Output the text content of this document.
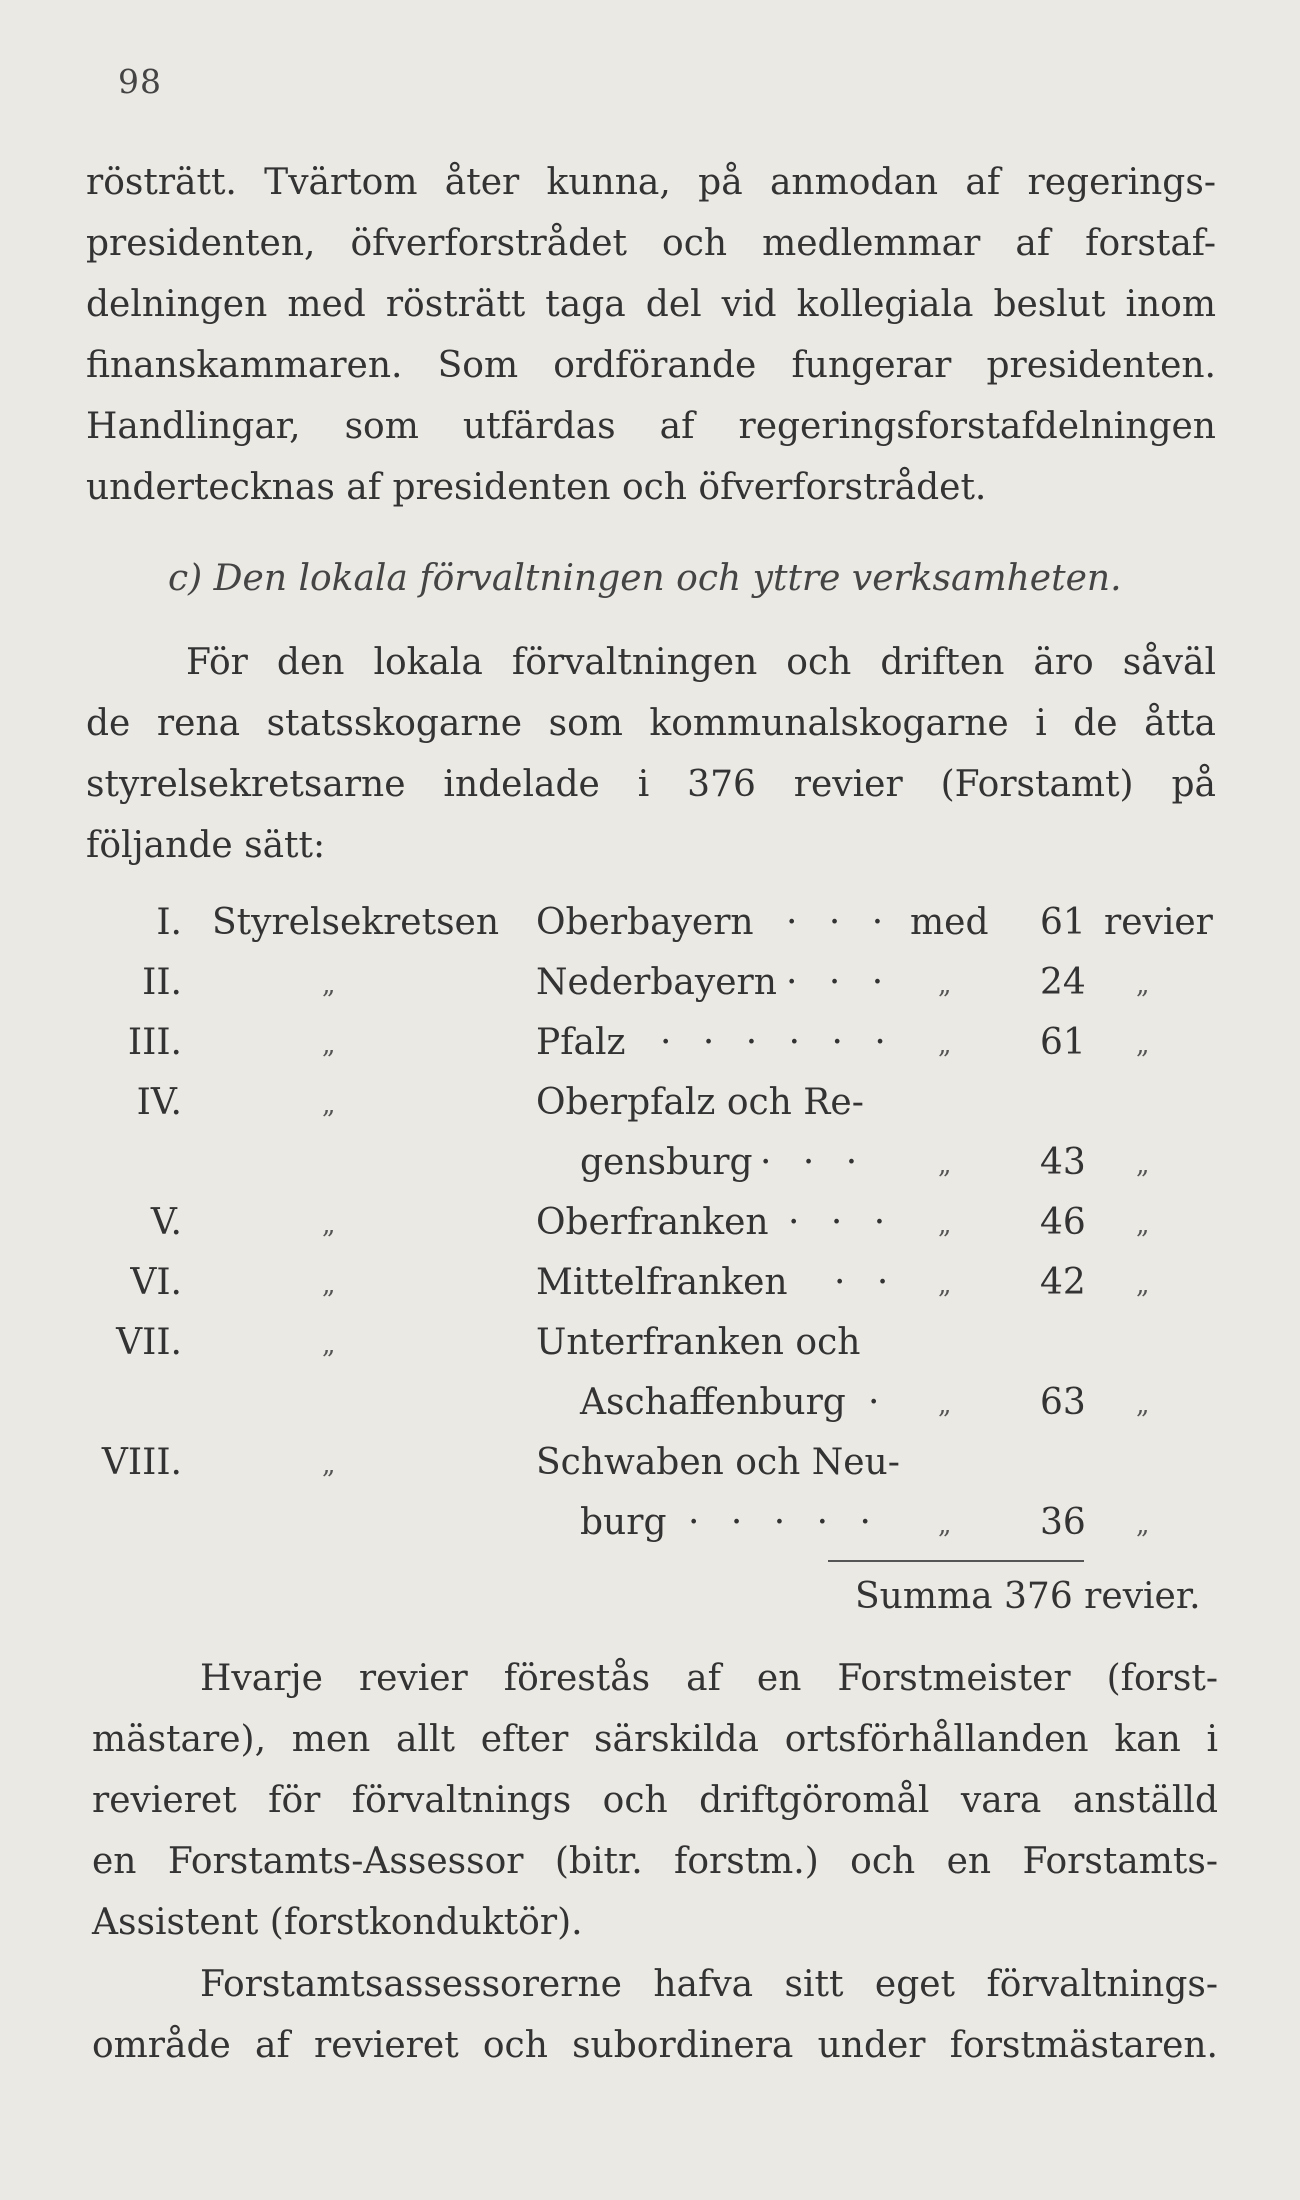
98
rösträtt. Tvärtom åter kunna, på anmodan af regerings-
presidenten, öfverforstrådet och medlemmar af forstaf-
delningen med rösträtt taga del vid kollegiala beslut inom
finanskammaren. Som ordförande fungerar presidenten.
Handlingar, som utfärdas af regeringsforstafdelningen
undertecknas af presidenten och öfverforstrådet.
c) Den lokala förvaltningen och yttre verksamheten.
För den lokala förvaltningen och driften äro såväl
de rena statsskogarne som kommunalskogarne i de åtta
styrelsekretsarne indelade i 376 revier (Forstamt) på
följande sätt:
I. Styrelsekretsen Oberbayern · · · med 61 revier
II.	„	Nederbayern · · · „ 24 „
III.	„	Pfalz · · · · · · „ 61 „
IV.	„	Oberpfalz och Re-
gensburg · · ·	„ 43 „
V.	„	Oberfranken · · · „ 46 „
VI.	„	Mittelfranken · · „ 42 „
VII.	„	Unterfranken och
Aschaffenburg · „ 63 „
VIII.	„	Schwaben och Neu-
burg · · · · · „ 36 „
Summa 376 revier.
Hvarje revier förestås af en Forstmeister (forst-
mästare), men allt efter särskilda ortsförhållanden kan i
revieret för förvaltnings och driftgöromål vara anställd
en Forstamts-Assessor (bitr. forstm.) och en Forstamts-
Assistent (forstkonduktör).
Forstamtsassessorerne hafva sitt eget förvaltnings-
område af revieret och subordinera under forstmästaren.
